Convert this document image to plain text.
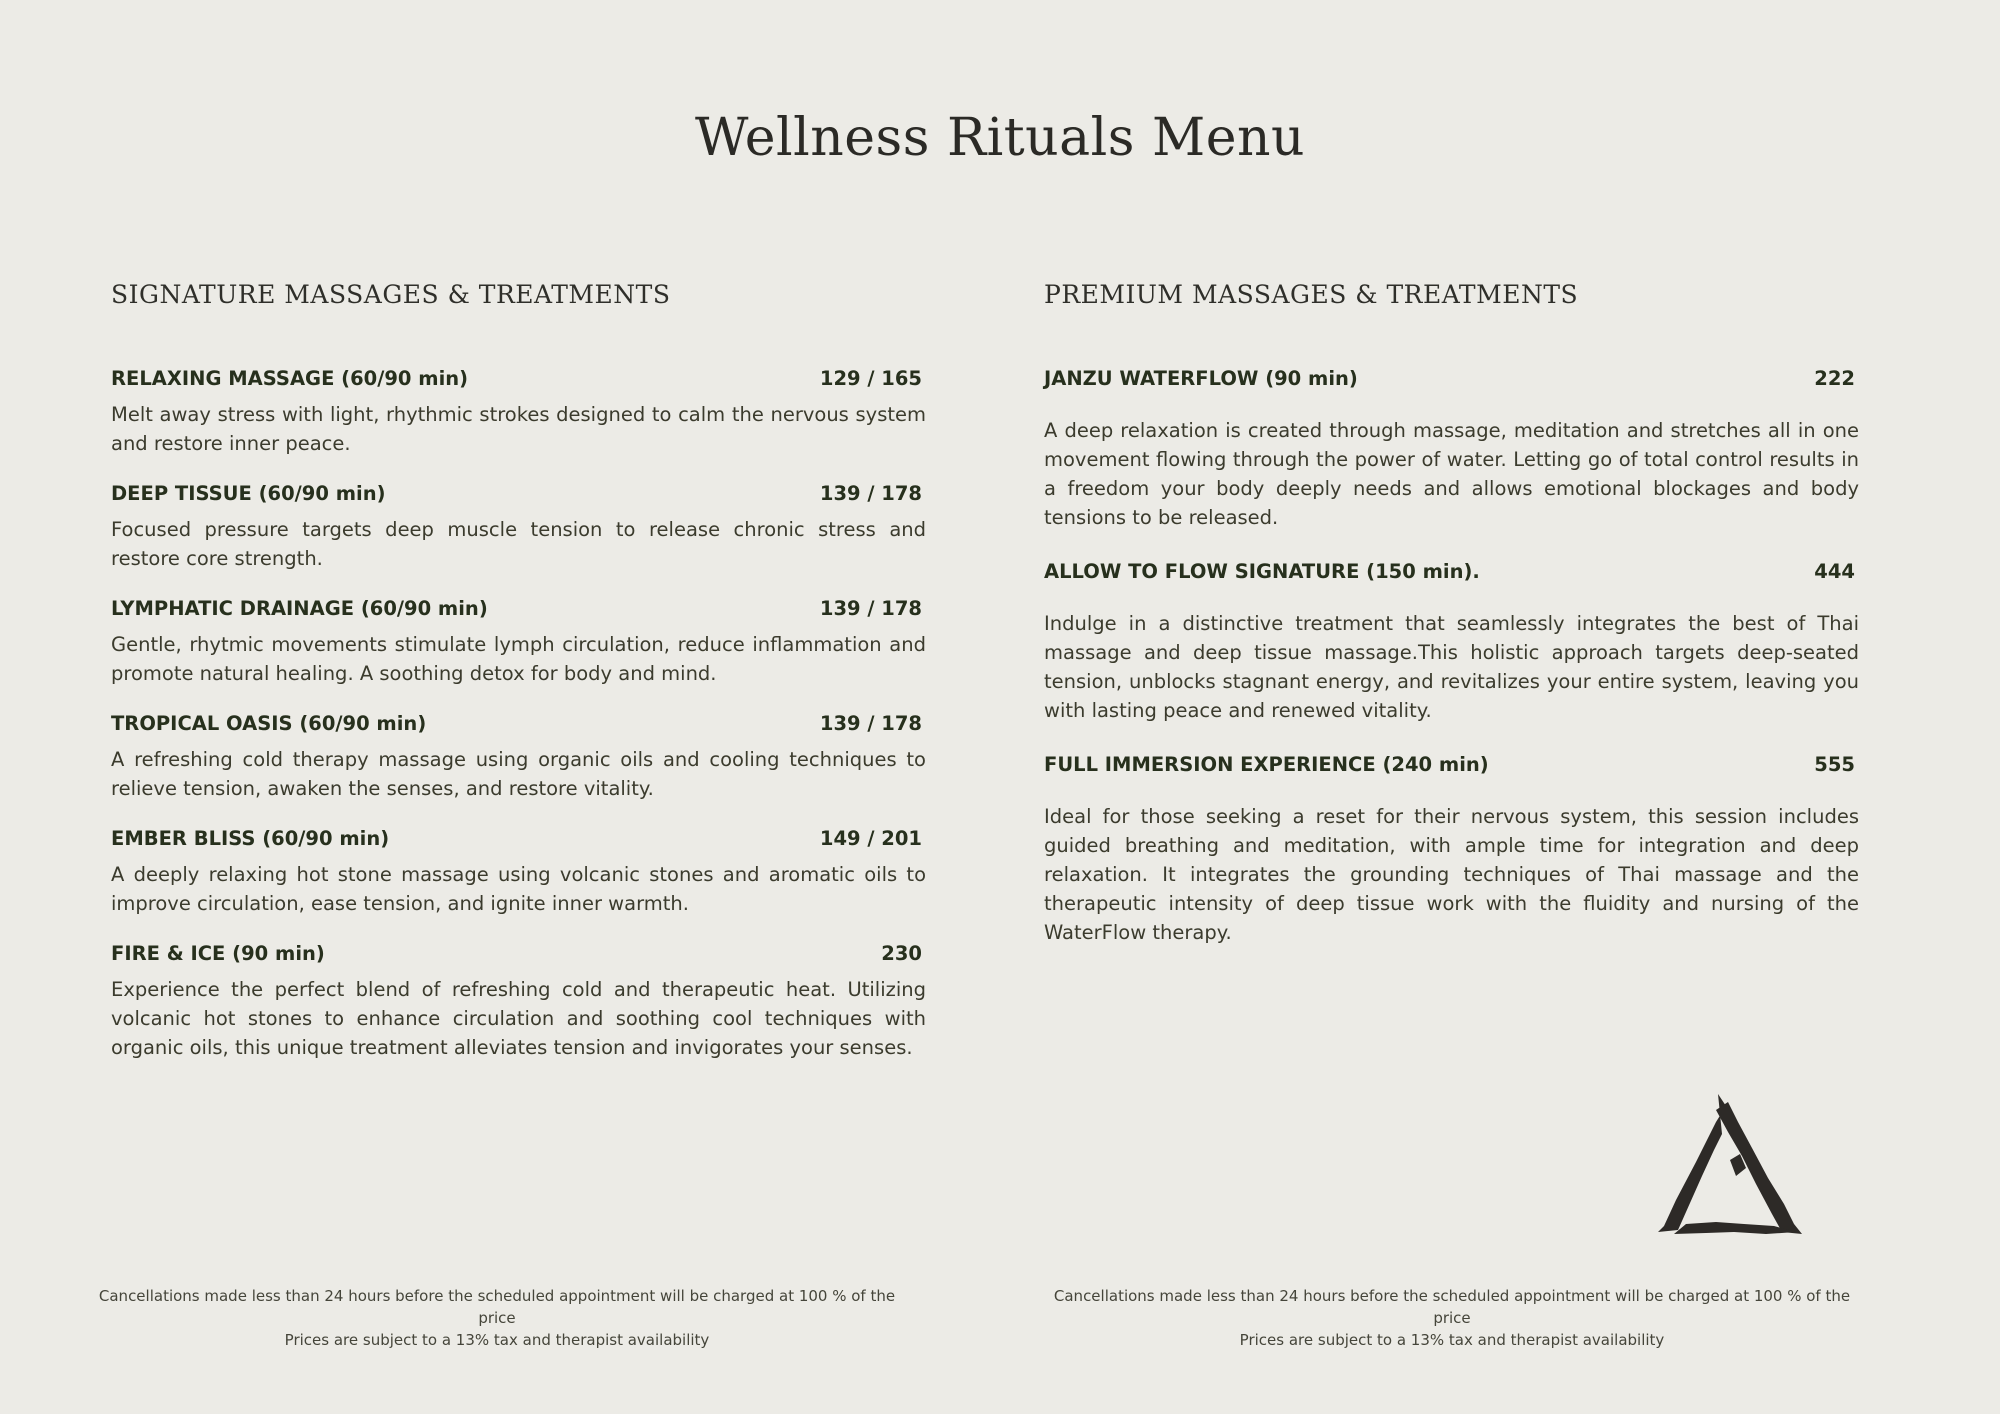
Wellness Rituals Menu
SIGNATURE MASSAGES & TREATMENTS
RELAXING MASSAGE (60/90 min)	129 / 165
Melt away stress with light, rhythmic strokes designed to calm the nervous system and restore inner peace.
DEEP TISSUE (60/90 min)	139 / 178
Focused pressure targets deep muscle tension to release chronic stress and restore core strength.
LYMPHATIC DRAINAGE (60/90 min)	139 / 178
Gentle, rhytmic movements stimulate lymph circulation, reduce inflammation and promote natural healing. A soothing detox for body and mind.
TROPICAL OASIS (60/90 min)	139 / 178
A refreshing cold therapy massage using organic oils and cooling techniques to relieve tension, awaken the senses, and restore vitality.
EMBER BLISS (60/90 min)	149 / 201
A deeply relaxing hot stone massage using volcanic stones and aromatic oils to improve circulation, ease tension, and ignite inner warmth.
FIRE & ICE (90 min)	230
Experience the perfect blend of refreshing cold and therapeutic heat. Utilizing volcanic hot stones to enhance circulation and soothing cool techniques with organic oils, this unique treatment alleviates tension and invigorates your senses.
PREMIUM MASSAGES & TREATMENTS
JANZU WATERFLOW (90 min)	222
A deep relaxation is created through massage, meditation and stretches all in one movement flowing through the power of water. Letting go of total control results in a freedom your body deeply needs and allows emotional blockages and body tensions to be released.
ALLOW TO FLOW SIGNATURE (150 min).	444
Indulge in a distinctive treatment that seamlessly integrates the best of Thai massage and deep tissue massage.This holistic approach targets deep-seated tension, unblocks stagnant energy, and revitalizes your entire system, leaving you with lasting peace and renewed vitality.
FULL IMMERSION EXPERIENCE (240 min)	555
Ideal for those seeking a reset for their nervous system, this session includes guided breathing and meditation, with ample time for integration and deep relaxation. It integrates the grounding techniques of Thai massage and the therapeutic intensity of deep tissue work with the fluidity and nursing of the WaterFlow therapy.
Cancellations made less than 24 hours before the scheduled appointment will be charged at 100 % of the price
Prices are subject to a 13% tax and therapist availability
Cancellations made less than 24 hours before the scheduled appointment will be charged at 100 % of the price
Prices are subject to a 13% tax and therapist availability
